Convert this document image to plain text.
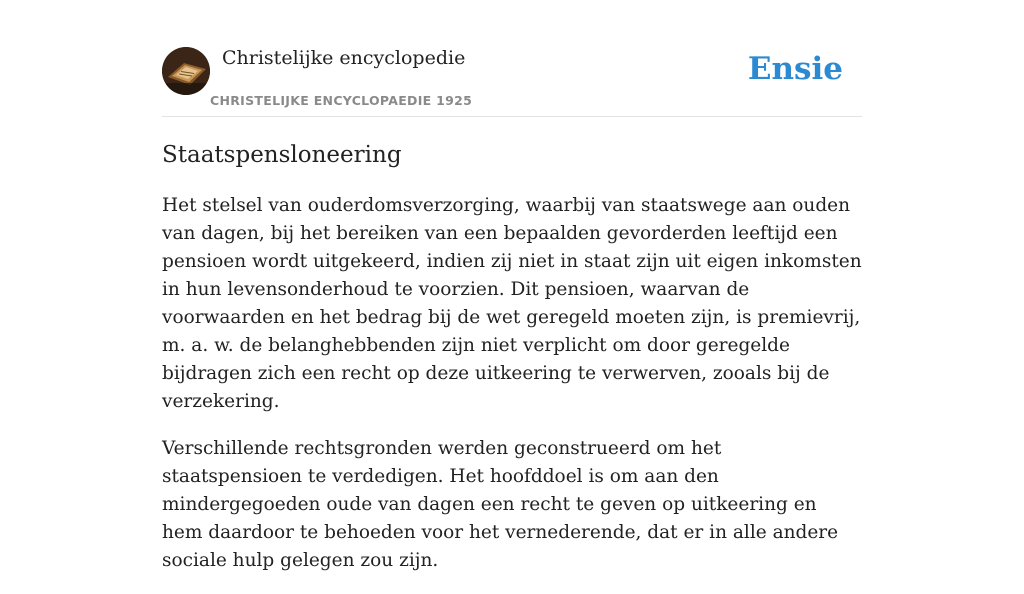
Christelijke encyclopedie
CHRISTELIJKE ENCYCLOPAEDIE 1925
Ensie
Staatspensloneering

Het stelsel van ouderdomsverzorging, waarbij van staatswege aan ouden van dagen, bij het bereiken van een bepaalden gevorderden leeftijd een pensioen wordt uitgekeerd, indien zij niet in staat zijn uit eigen inkomsten in hun levensonderhoud te voorzien. Dit pensioen, waarvan de voorwaarden en het bedrag bij de wet geregeld moeten zijn, is premievrij, m. a. w. de belanghebbenden zijn niet verplicht om door geregelde bijdragen zich een recht op deze uitkeering te verwerven, zooals bij de verzekering.

Verschillende rechtsgronden werden geconstrueerd om het staatspensioen te verdedigen. Het hoofddoel is om aan den mindergegoeden oude van dagen een recht te geven op uitkeering en hem daardoor te behoeden voor het vernederende, dat er in alle andere sociale hulp gelegen zou zijn.
